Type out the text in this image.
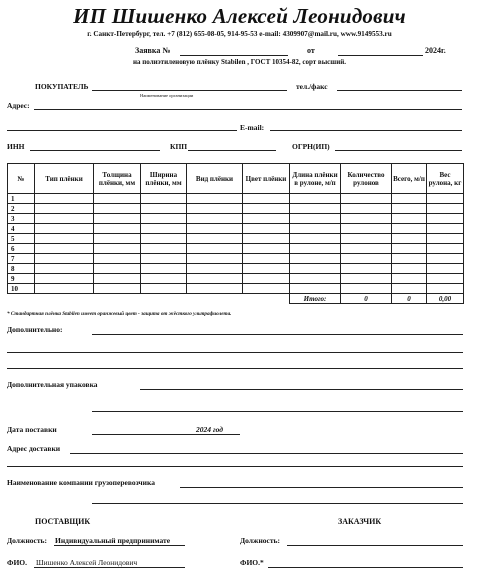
ИП Шишенко Алексей Леонидович
г. Санкт-Петербург, тел. +7 (812) 655-08-05, 914-95-53 e-mail: 4309907@mail.ru, www.9149553.ru
Заявка №	от	2024г.
на полиэтиленовую плёнку Stabilen , ГОСТ 10354-82, сорт высший.
ПОКУПАТЕЛЬ
Наименование организации
тел./факс
Адрес:
E-mail:
ИНН	КПП	ОГРН(ИП)
№	Тип плёнки	Толщина плёнки, мм	Ширина плёнки, мм	Вид плёнки	Цвет плёнки	Длина плёнки в рулоне, м/п	Количество рулонов	Всего, м/п	Вес рулона, кг
1									
2									
3									
4									
5									
6									
7									
8									
9									
10									
						Итого:	0	0	0,00
* Стандартная плёнка Stabilen имеет оранжевый цвет - защита от жёсткого ультрафиолета.
Дополнительно:
Дополнительная упаковка
Дата поставки	2024 год
Адрес доставки
Наименование компании грузоперевозчика
ПОСТАВЩИК	ЗАКАЗЧИК
Должность: Индивидуальный предпринимате	Должность:
ФИО. Шишенко Алексей Леонидович	ФИО.*
